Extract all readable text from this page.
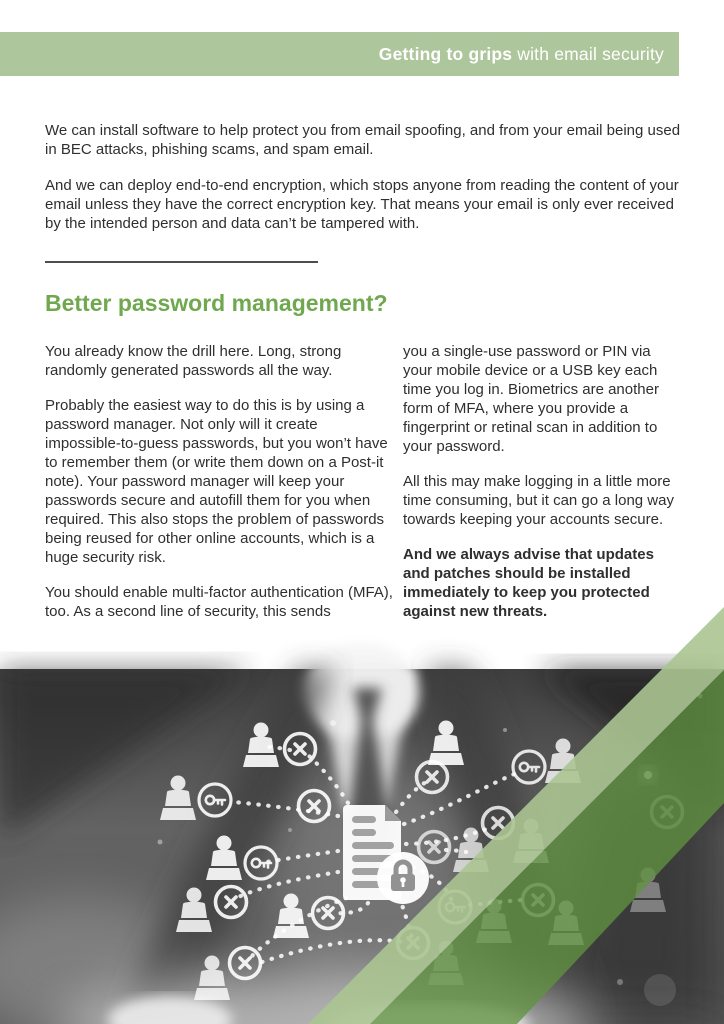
Getting to grips with email security

We can install software to help protect you from email spoofing, and from your email being used in BEC attacks, phishing scams, and spam email.

And we can deploy end-to-end encryption, which stops anyone from reading the content of your email unless they have the correct encryption key. That means your email is only ever received by the intended person and data can’t be tampered with.

Better password management?

You already know the drill here. Long, strong randomly generated passwords all the way.

Probably the easiest way to do this is by using a password manager. Not only will it create impossible-to-guess passwords, but you won’t have to remember them (or write them down on a Post-it note). Your password manager will keep your passwords secure and autofill them for you when required. This also stops the problem of passwords being reused for other online accounts, which is a huge security risk.

You should enable multi-factor authentication (MFA), too. As a second line of security, this sends

you a single-use password or PIN via your mobile device or a USB key each time you log in. Biometrics are another form of MFA, where you provide a fingerprint or retinal scan in addition to your password.

All this may make logging in a little more time consuming, but it can go a long way towards keeping your accounts secure.

And we always advise that updates and patches should be installed immediately to keep you protected against new threats.
